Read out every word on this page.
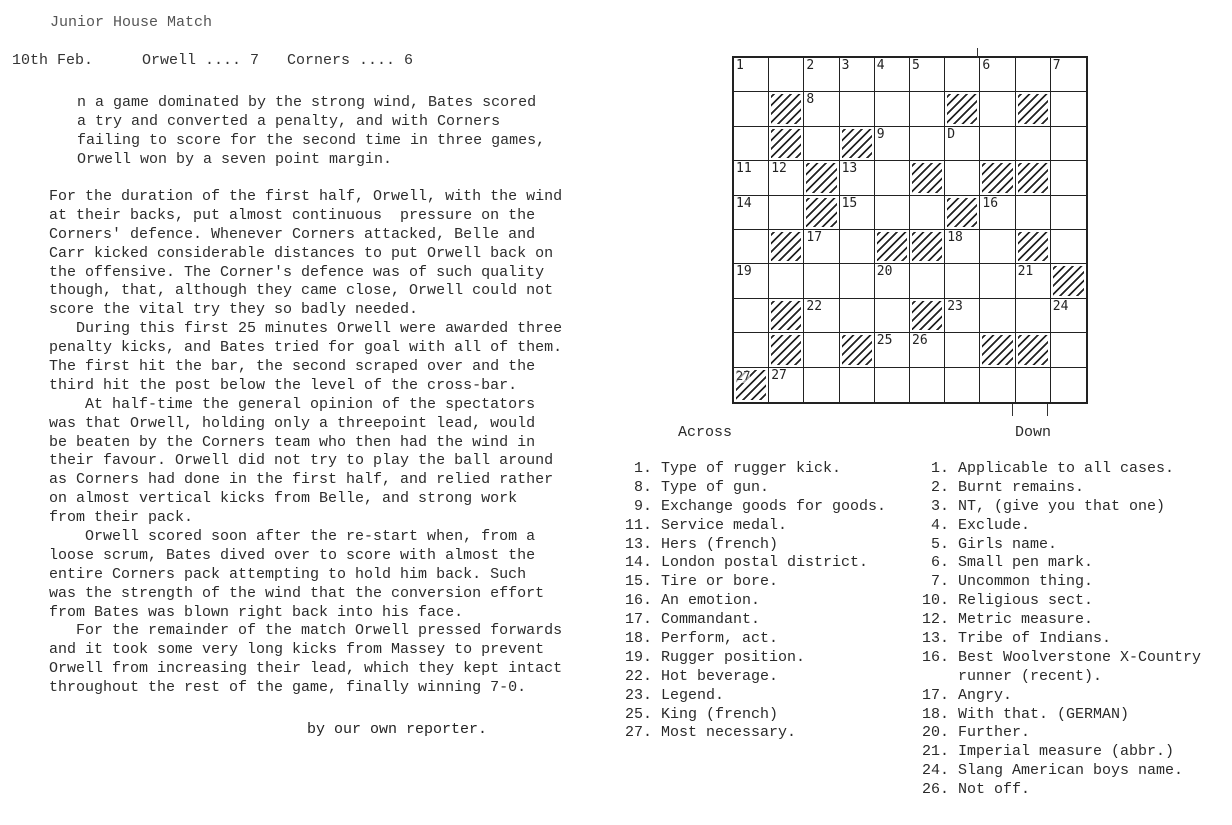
Junior House Match
10th Feb.	Orwell .... 7 Corners .... 6
n a game dominated by the strong wind, Bates scored
a try and converted a penalty, and with Corners
failing to score for the second time in three games,
Orwell won by a seven point margin.
For the duration of the first half, Orwell, with the wind
at their backs, put almost continuous  pressure on the
Corners' defence. Whenever Corners attacked, Belle and
Carr kicked considerable distances to put Orwell back on
the offensive. The Corner's defence was of such quality
though, that, although they came close, Orwell could not
score the vital try they so badly needed.
During this first 25 minutes Orwell were awarded three
penalty kicks, and Bates tried for goal with all of them.
The first hit the bar, the second scraped over and the
third hit the post below the level of the cross-bar.
At half-time the general opinion of the spectators
was that Orwell, holding only a threepoint lead, would
be beaten by the Corners team who then had the wind in
their favour. Orwell did not try to play the ball around
as Corners had done in the first half, and relied rather
on almost vertical kicks from Belle, and strong work
from their pack.
Orwell scored soon after the re-start when, from a
loose scrum, Bates dived over to score with almost the
entire Corners pack attempting to hold him back. Such
was the strength of the wind that the conversion effort
from Bates was blown right back into his face.
For the remainder of the match Orwell pressed forwards
and it took some very long kicks from Massey to prevent
Orwell from increasing their lead, which they kept intact
throughout the rest of the game, finally winning 7-0.
by our own reporter.
1	2 3 4 5	6	7
8
9	D
11 12	13
14	15	16
17	18
19	20	21
22	23	24
25 26
27 27
Across	Down
1. Type of rugger kick.
8. Type of gun.
9. Exchange goods for goods.
11. Service medal.
13. Hers (french)
14. London postal district.
15. Tire or bore.
16. An emotion.
17. Commandant.
18. Perform, act.
19. Rugger position.
22. Hot beverage.
23. Legend.
25. King (french)
27. Most necessary.
1. Applicable to all cases.
2. Burnt remains.
3. NT, (give you that one)
4. Exclude.
5. Girls name.
6. Small pen mark.
7. Uncommon thing.
10. Religious sect.
12. Metric measure.
13. Tribe of Indians.
16. Best Woolverstone X-Country
runner (recent).
17. Angry.
18. With that. (GERMAN)
20. Further.
21. Imperial measure (abbr.)
24. Slang American boys name.
26. Not off.
